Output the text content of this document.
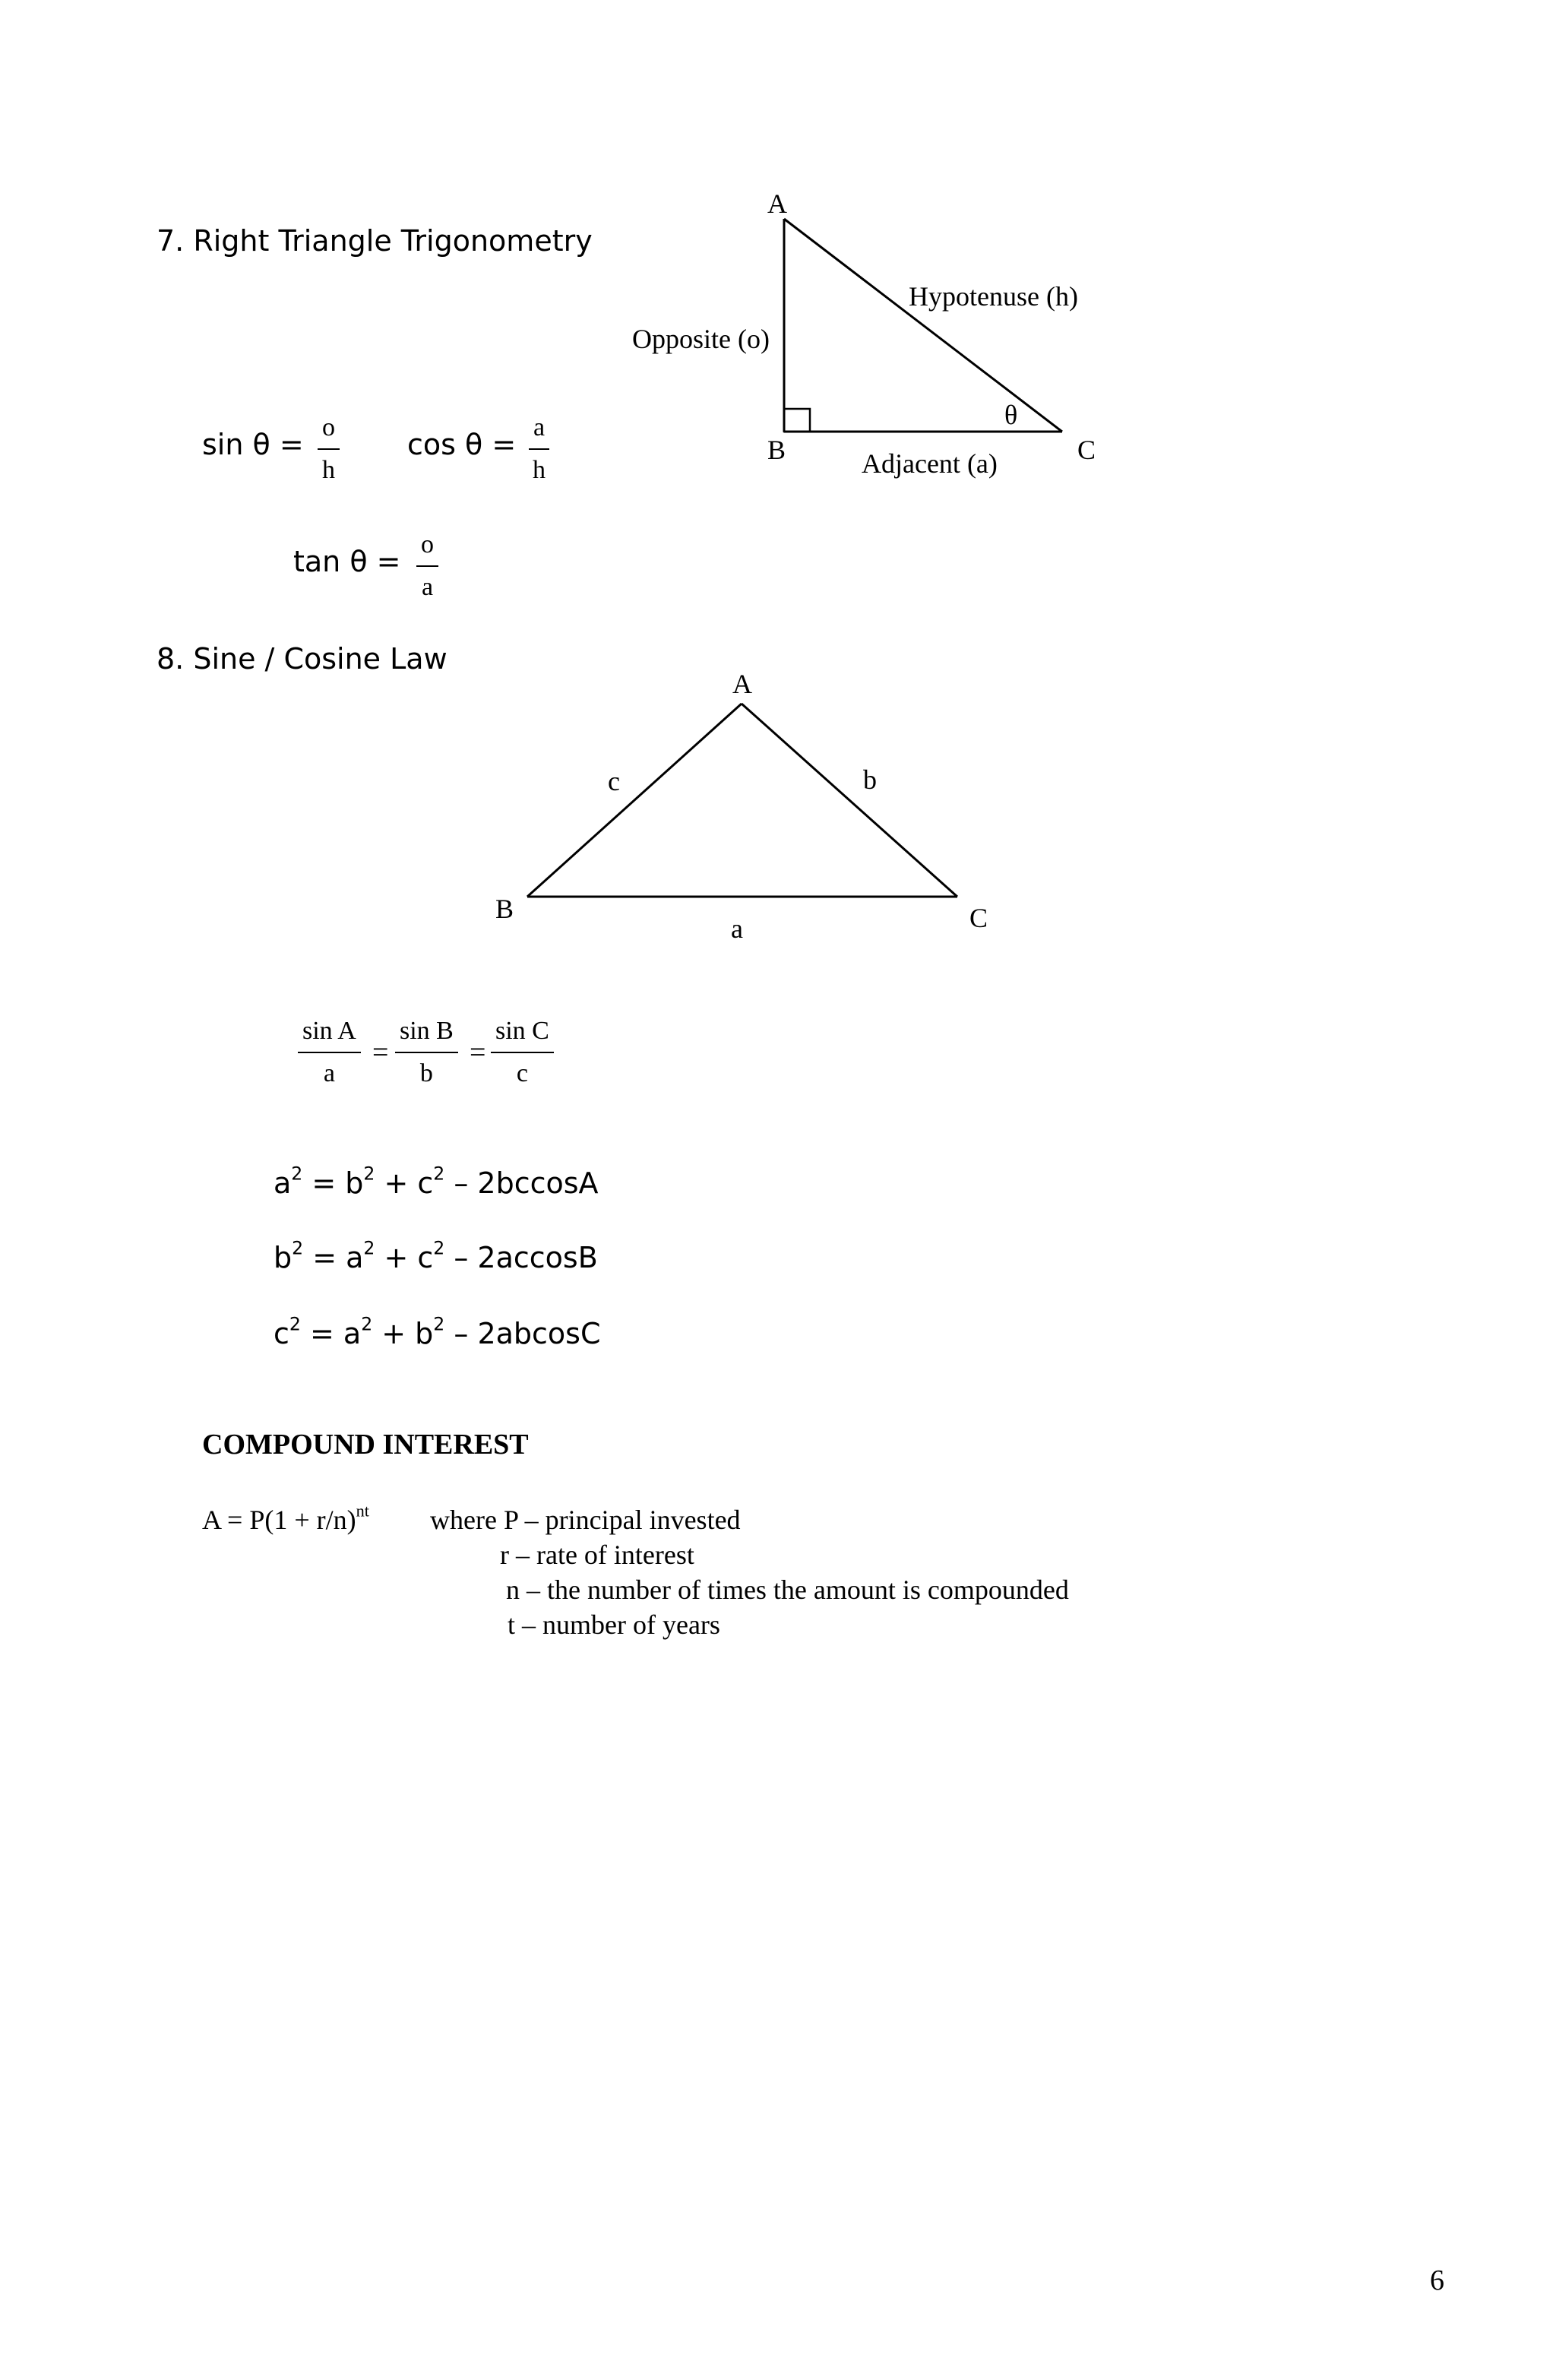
7. Right Triangle Trigonometry
A
B	C
Hypotenuse (h)
Opposite (o)
Adjacent (a)
θ
$\sin \theta = \frac{o}{h}$ $\cos \theta = \frac{a}{h}$
$\tan \theta = \frac{o}{a}$
8. Sine / Cosine Law
A
B	C
c	b
a
$\frac{\text{sin A}}{a} = \frac{\text{sin B}}{b} = \frac{\text{sin C}}{c}$
$a^2 = b^2 + c^2 - 2bccosA$
$b^2 = a^2 + c^2 - 2accosB$
$c^2 = a^2 + b^2 - 2abcosC$
COMPOUND INTEREST
$A = P(1 + r/n)^{nt}$ where P – principal invested
r – rate of interest
n – the number of times the amount is compounded
t – number of years
6
